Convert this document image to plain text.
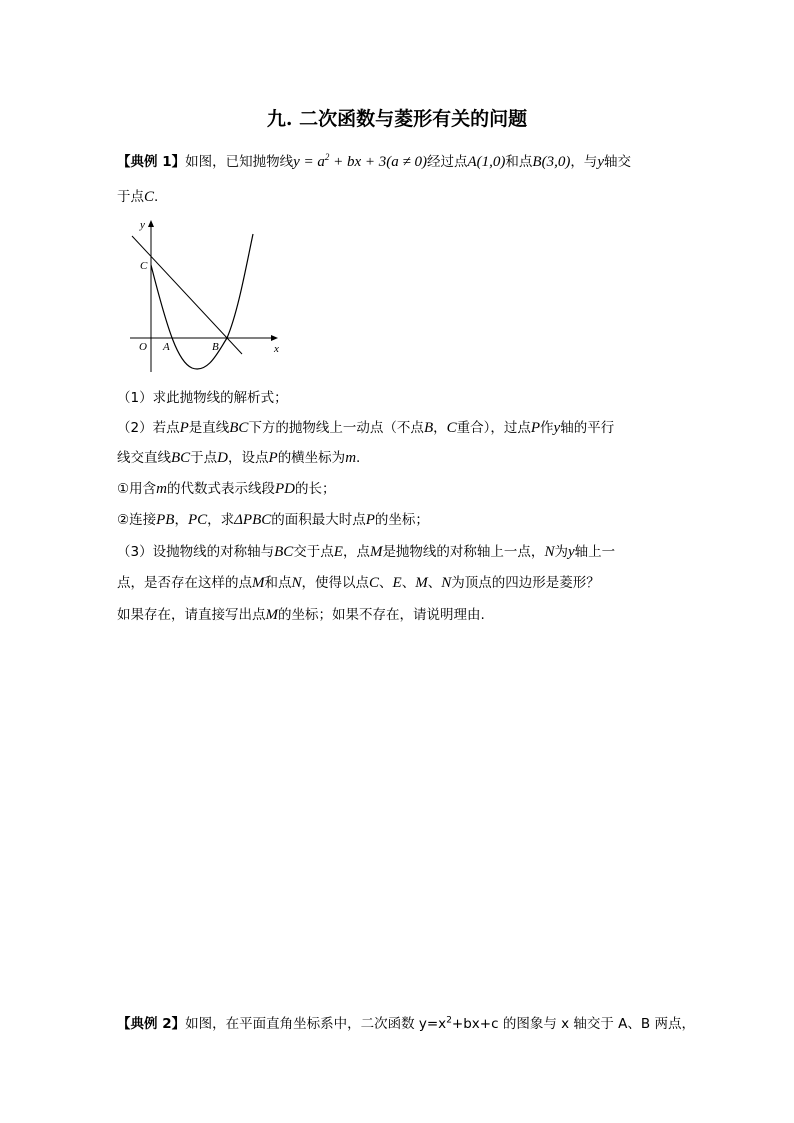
九. 二次函数与菱形有关的问题
【典例 1】如图，已知抛物线$y = a^2$ + bx + 3(a ≠ 0)经过点A(1,0)和点B(3,0)，与y轴交
于点C.
y
x
C
O A	B
（1）求此抛物线的解析式；
（2）若点P是直线BC下方的抛物线上一动点（不点B，C重合），过点P作y轴的平行
线交直线BC于点D，设点P的横坐标为m.
①用含m的代数式表示线段PD的长；
②连接PB，PC，求ΔPBC的面积最大时点P的坐标；
（3）设抛物线的对称轴与BC交于点E，点M是抛物线的对称轴上一点，N为y轴上一
点，是否存在这样的点M和点N，使得以点C、E、M、N为顶点的四边形是菱形？
如果存在，请直接写出点M的坐标；如果不存在，请说明理由.
【典例 2】如图，在平面直角坐标系中，二次函数 $y=x^2+bx+c$ 的图象与 x 轴交于 A、B 两点，
